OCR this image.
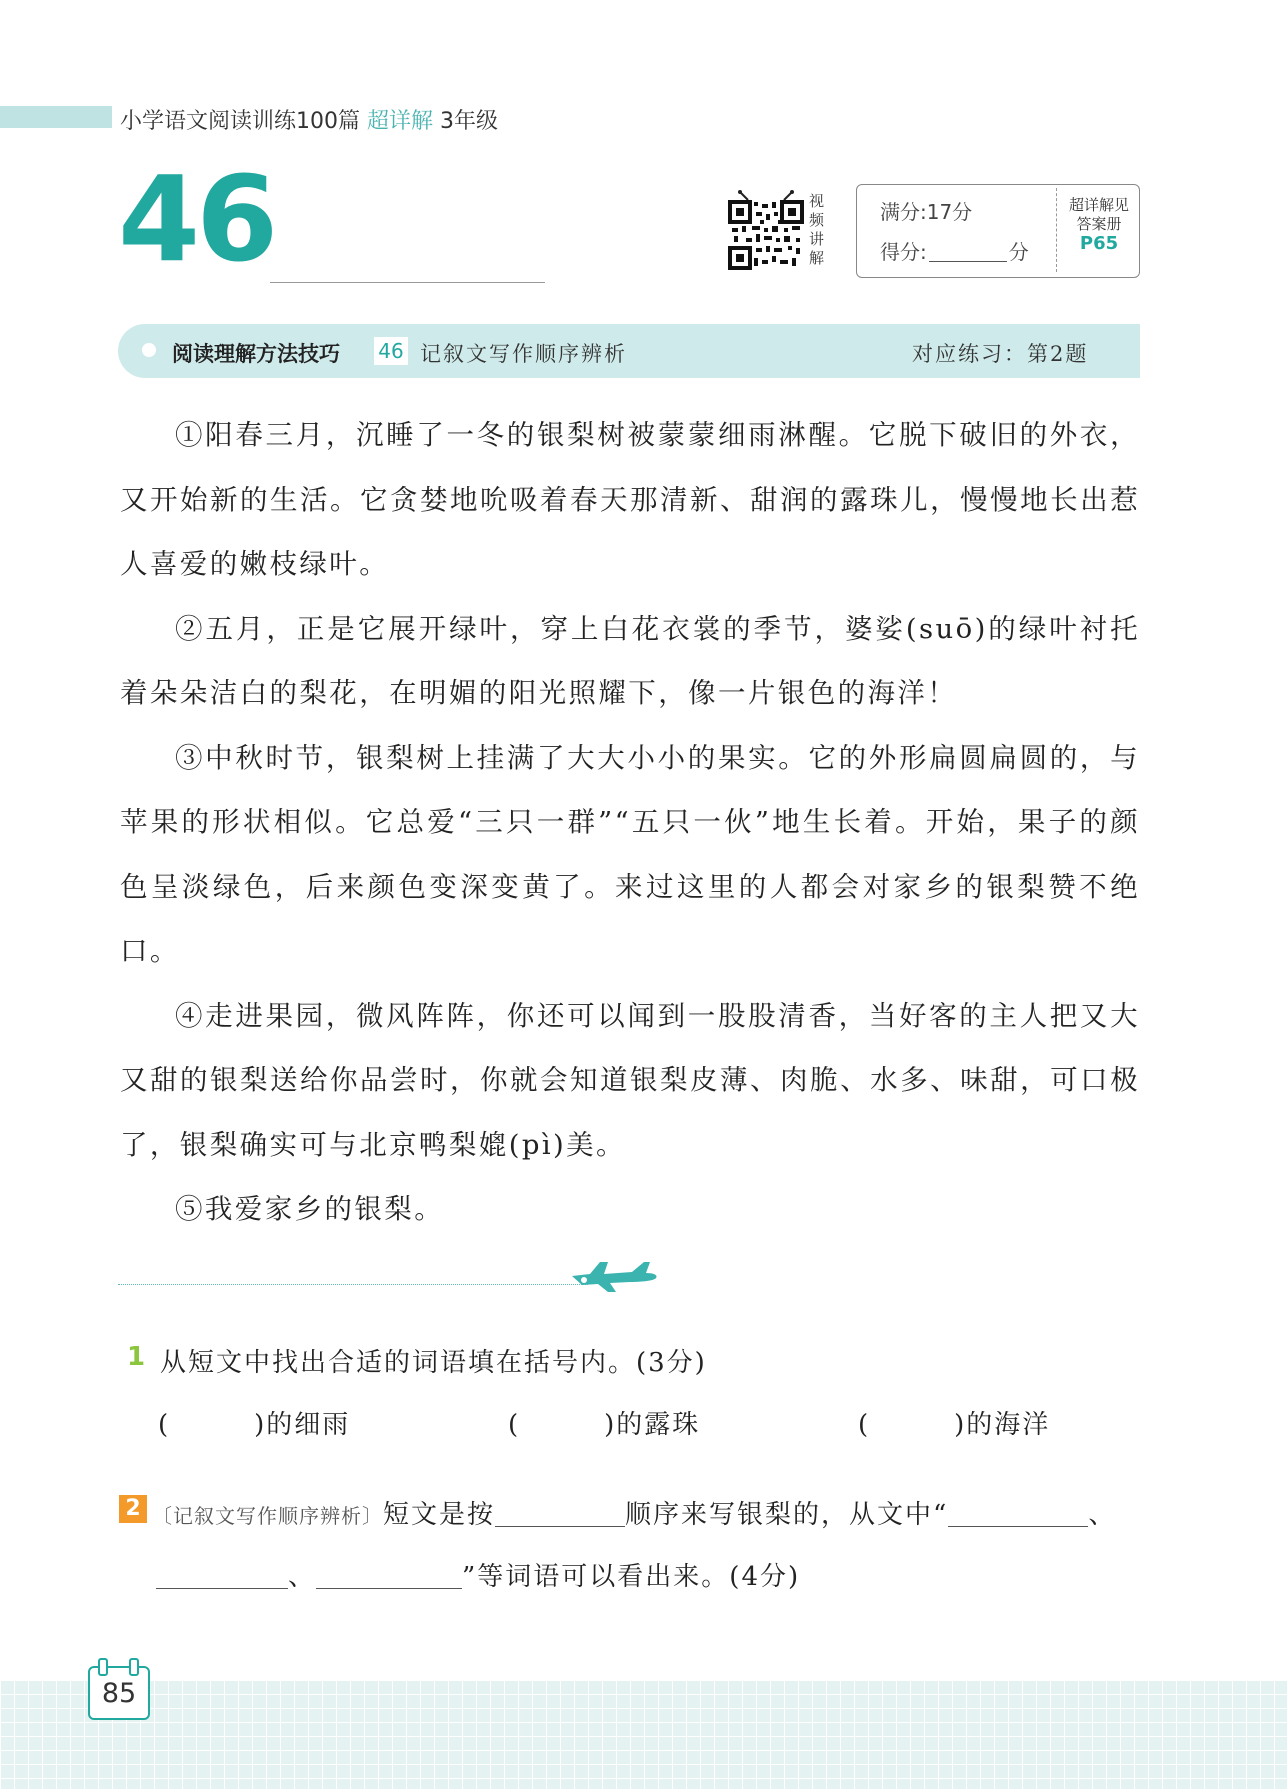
小学语文阅读训练100篇 超详解 3年级
46	视频讲解
满分:17分
得分:	分
超详解见
答案册
P65
阅读理解方法技巧 46 记叙文写作顺序辨析	对应练习：第2题

①阳春三月，沉睡了一冬的银梨树被蒙蒙细雨淋醒。它脱下破旧的外衣，又开始新的生活。它贪婪地吮吸着春天那清新、甜润的露珠儿，慢慢地长出惹人喜爱的嫩枝绿叶。

②五月，正是它展开绿叶，穿上白花衣裳的季节，婆娑(suō)的绿叶衬托着朵朵洁白的梨花，在明媚的阳光照耀下，像一片银色的海洋！

③中秋时节，银梨树上挂满了大大小小的果实。它的外形扁圆扁圆的，与苹果的形状相似。它总爱“三只一群”“五只一伙”地生长着。开始，果子的颜色呈淡绿色，后来颜色变深变黄了。来过这里的人都会对家乡的银梨赞不绝口。

④走进果园，微风阵阵，你还可以闻到一股股清香，当好客的主人把又大又甜的银梨送给你品尝时，你就会知道银梨皮薄、肉脆、水多、味甜，可口极了，银梨确实可与北京鸭梨媲(pì)美。

⑤我爱家乡的银梨。

1 从短文中找出合适的词语填在括号内。(3分)
(　　　)的细雨	(　　　)的露珠	(　　　)的海洋
2 〔记叙文写作顺序辨析〕短文是按	顺序来写银梨的，从文中“	、
、	”等词语可以看出来。(4分)
85
